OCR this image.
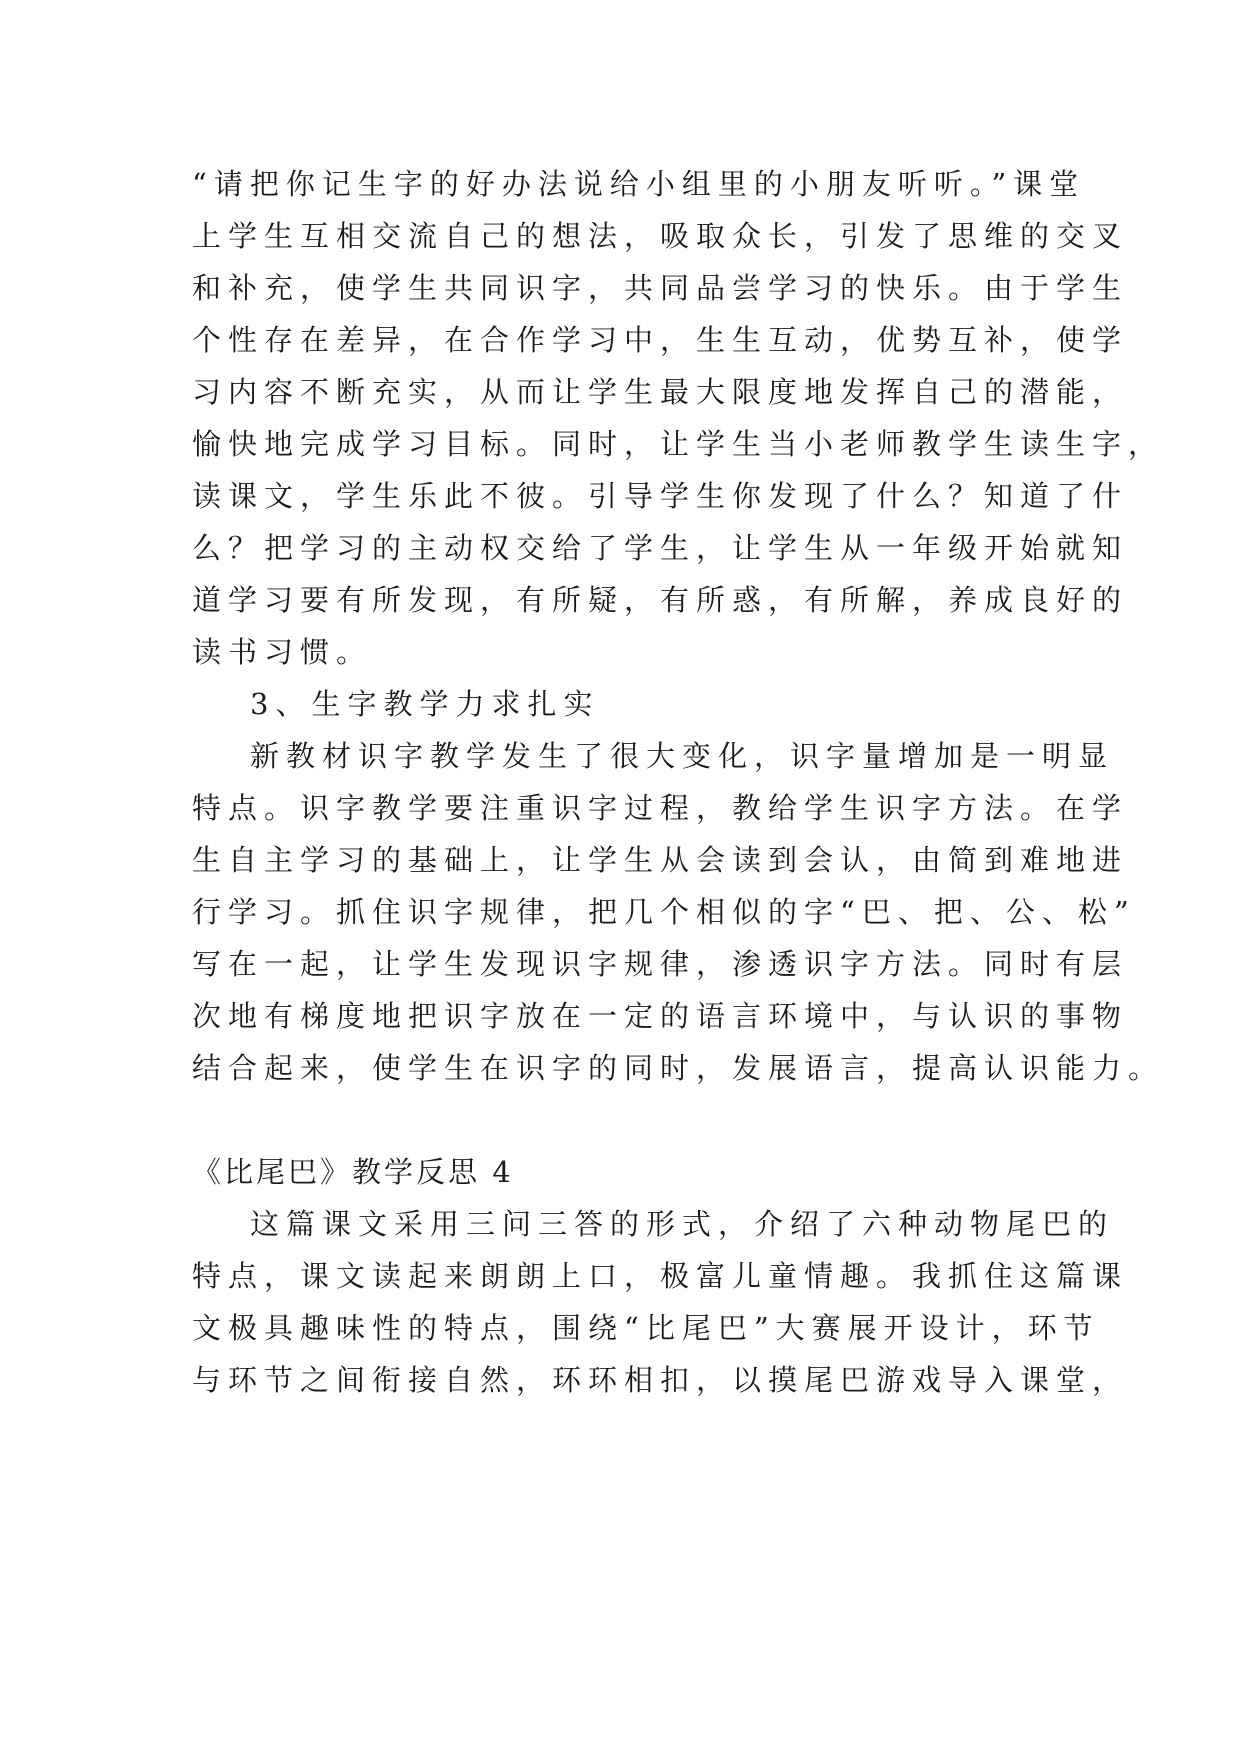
“请把你记生字的好办法说给小组里的小朋友听听。”课堂
上学生互相交流自己的想法，吸取众长，引发了思维的交叉
和补充，使学生共同识字，共同品尝学习的快乐。由于学生
个性存在差异，在合作学习中，生生互动，优势互补，使学
习内容不断充实，从而让学生最大限度地发挥自己的潜能，
愉快地完成学习目标。同时，让学生当小老师教学生读生字，
读课文，学生乐此不彼。引导学生你发现了什么？知道了什
么？把学习的主动权交给了学生，让学生从一年级开始就知
道学习要有所发现，有所疑，有所惑，有所解，养成良好的
读书习惯。
3、生字教学力求扎实
新教材识字教学发生了很大变化，识字量增加是一明显
特点。识字教学要注重识字过程，教给学生识字方法。在学
生自主学习的基础上，让学生从会读到会认，由简到难地进
行学习。抓住识字规律，把几个相似的字“巴、把、公、松”
写在一起，让学生发现识字规律，渗透识字方法。同时有层
次地有梯度地把识字放在一定的语言环境中，与认识的事物
结合起来，使学生在识字的同时，发展语言，提高认识能力。
《比尾巴》教学反思 4
这篇课文采用三问三答的形式，介绍了六种动物尾巴的
特点，课文读起来朗朗上口，极富儿童情趣。我抓住这篇课
文极具趣味性的特点，围绕“比尾巴”大赛展开设计，环节
与环节之间衔接自然，环环相扣，以摸尾巴游戏导入课堂，
